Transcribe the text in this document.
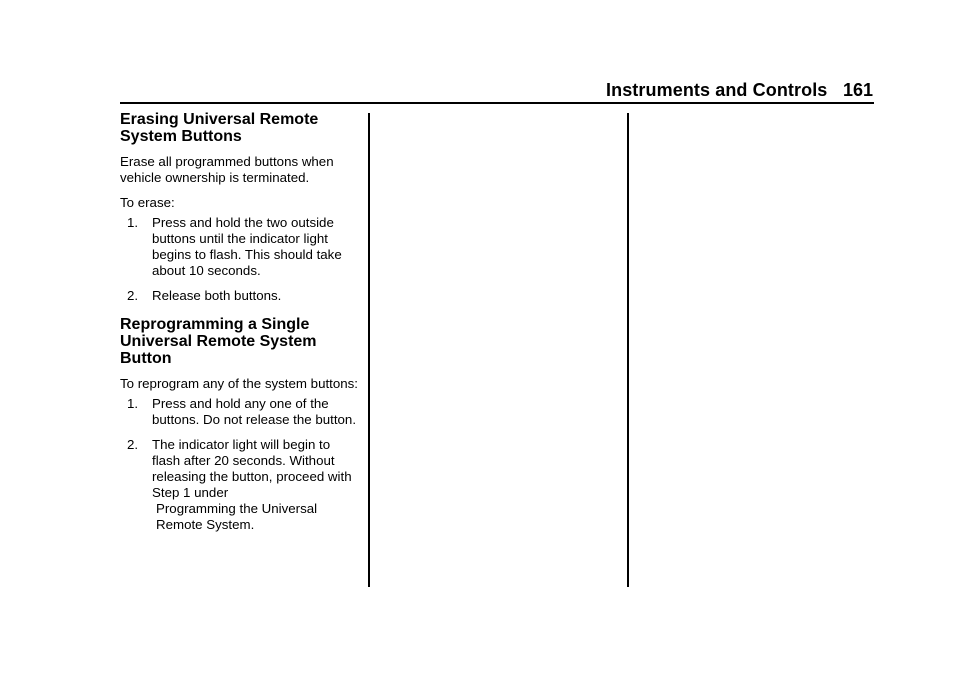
Instruments and Controls 161
Erasing Universal Remote
System Buttons

Erase all programmed buttons when vehicle ownership is terminated.

To erase:

1. Press and hold the two outside buttons until the indicator light begins to flash. This should take about 10 seconds.
2. Release both buttons.
Reprogramming a Single
Universal Remote System
Button

To reprogram any of the system buttons:

1. Press and hold any one of the buttons. Do not release the button.
2. The indicator light will begin to flash after 20 seconds. Without releasing the button, proceed with Step 1 under
Programming the Universal Remote System.
